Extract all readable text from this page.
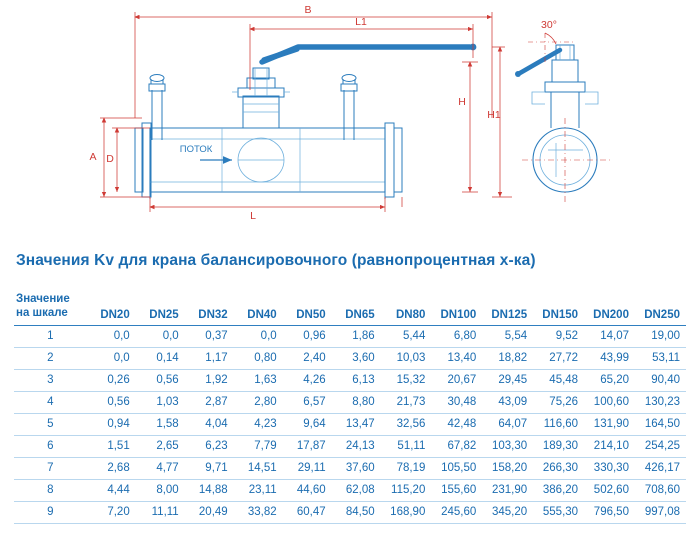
B
L1
L
A D
H
H1
30°
ПОТОК
Значения Kv для крана балансировочного (равнопроцентная х-ка)
Значение
на шкале	DN20	DN25	DN32	DN40	DN50	DN65	DN80	DN100	DN125	DN150	DN200	DN250
1	0,0	0,0	0,37	0,0	0,96	1,86	5,44	6,80	5,54	9,52	14,07	19,00
2	0,0	0,14	1,17	0,80	2,40	3,60	10,03	13,40	18,82	27,72	43,99	53,11
3	0,26	0,56	1,92	1,63	4,26	6,13	15,32	20,67	29,45	45,48	65,20	90,40
4	0,56	1,03	2,87	2,80	6,57	8,80	21,73	30,48	43,09	75,26	100,60	130,23
5	0,94	1,58	4,04	4,23	9,64	13,47	32,56	42,48	64,07	116,60	131,90	164,50
6	1,51	2,65	6,23	7,79	17,87	24,13	51,11	67,82	103,30	189,30	214,10	254,25
7	2,68	4,77	9,71	14,51	29,11	37,60	78,19	105,50	158,20	266,30	330,30	426,17
8	4,44	8,00	14,88	23,11	44,60	62,08	115,20	155,60	231,90	386,20	502,60	708,60
9	7,20	11,11	20,49	33,82	60,47	84,50	168,90	245,60	345,20	555,30	796,50	997,08
